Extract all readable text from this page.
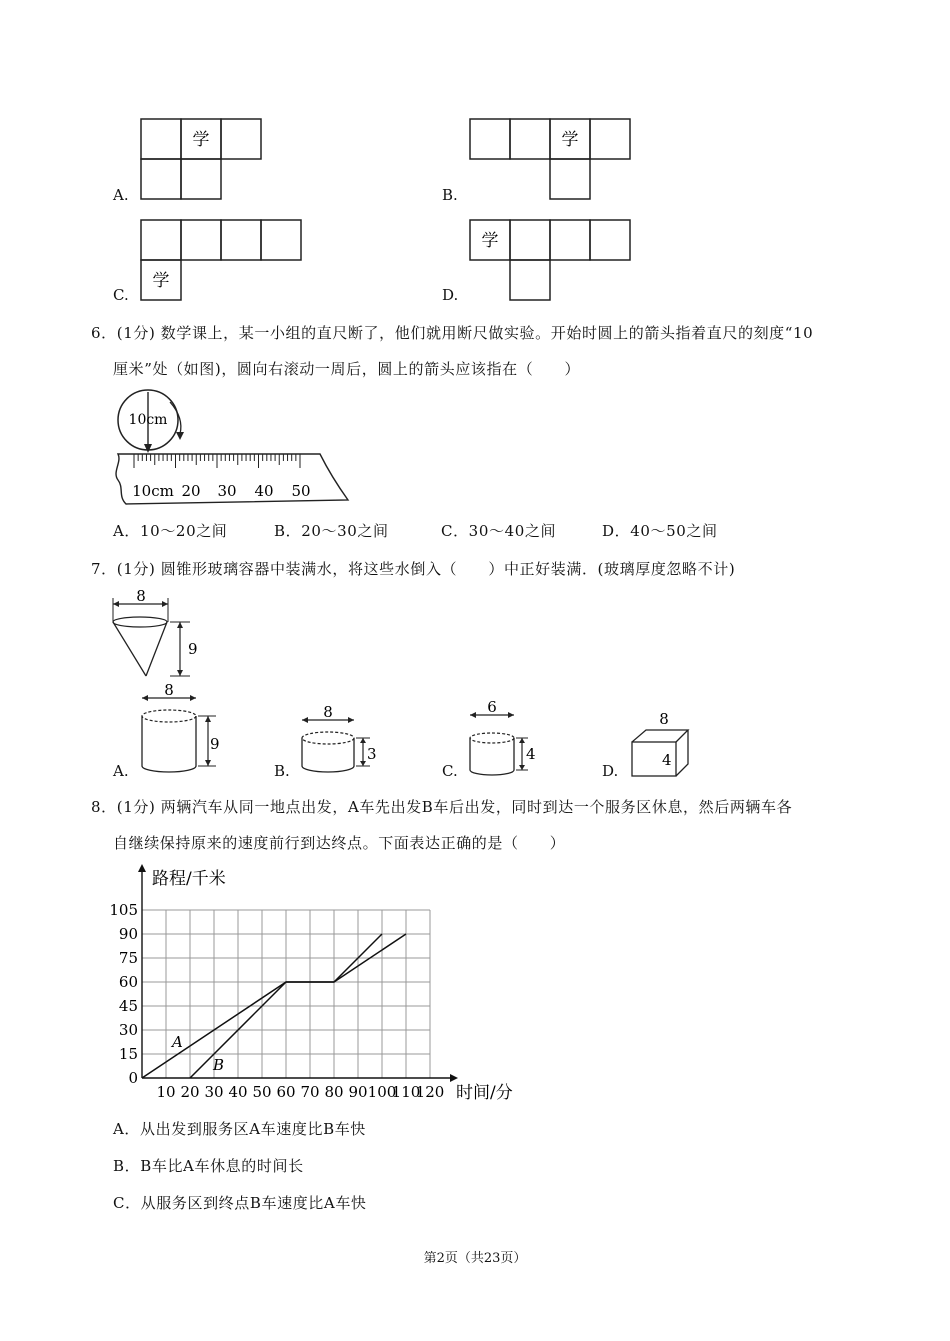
学
A.
学
B.
学
C.
学
D.
6．(1分) 数学课上，某一小组的直尺断了，他们就用断尺做实验。开始时圆上的箭头指着直尺的刻度“10
厘米”处（如图)，圆向右滚动一周后，圆上的箭头应该指在（　　）
10cm
10cm 20 30 40 50
A．10～20之间	B．20～30之间	C．30～40之间	D．40～50之间
7．(1分) 圆锥形玻璃容器中装满水，将这些水倒入（　　）中正好装满．(玻璃厚度忽略不计)
8
9
8
9
A.
8
3
B.
6
4
C.
8
4
D.
8．(1分) 两辆汽车从同一地点出发，A车先出发B车后出发，同时到达一个服务区休息，然后两辆车各
自继续保持原来的速度前行到达终点。下面表达正确的是（　　）
0
15
30
45
60
75
90
105
10 20 30 40 50 60 70 80 90 100
110
120
路程/千米
时间/分
A
B
A．从出发到服务区A车速度比B车快
B．B车比A车休息的时间长
C．从服务区到终点B车速度比A车快
第2页（共23页）
